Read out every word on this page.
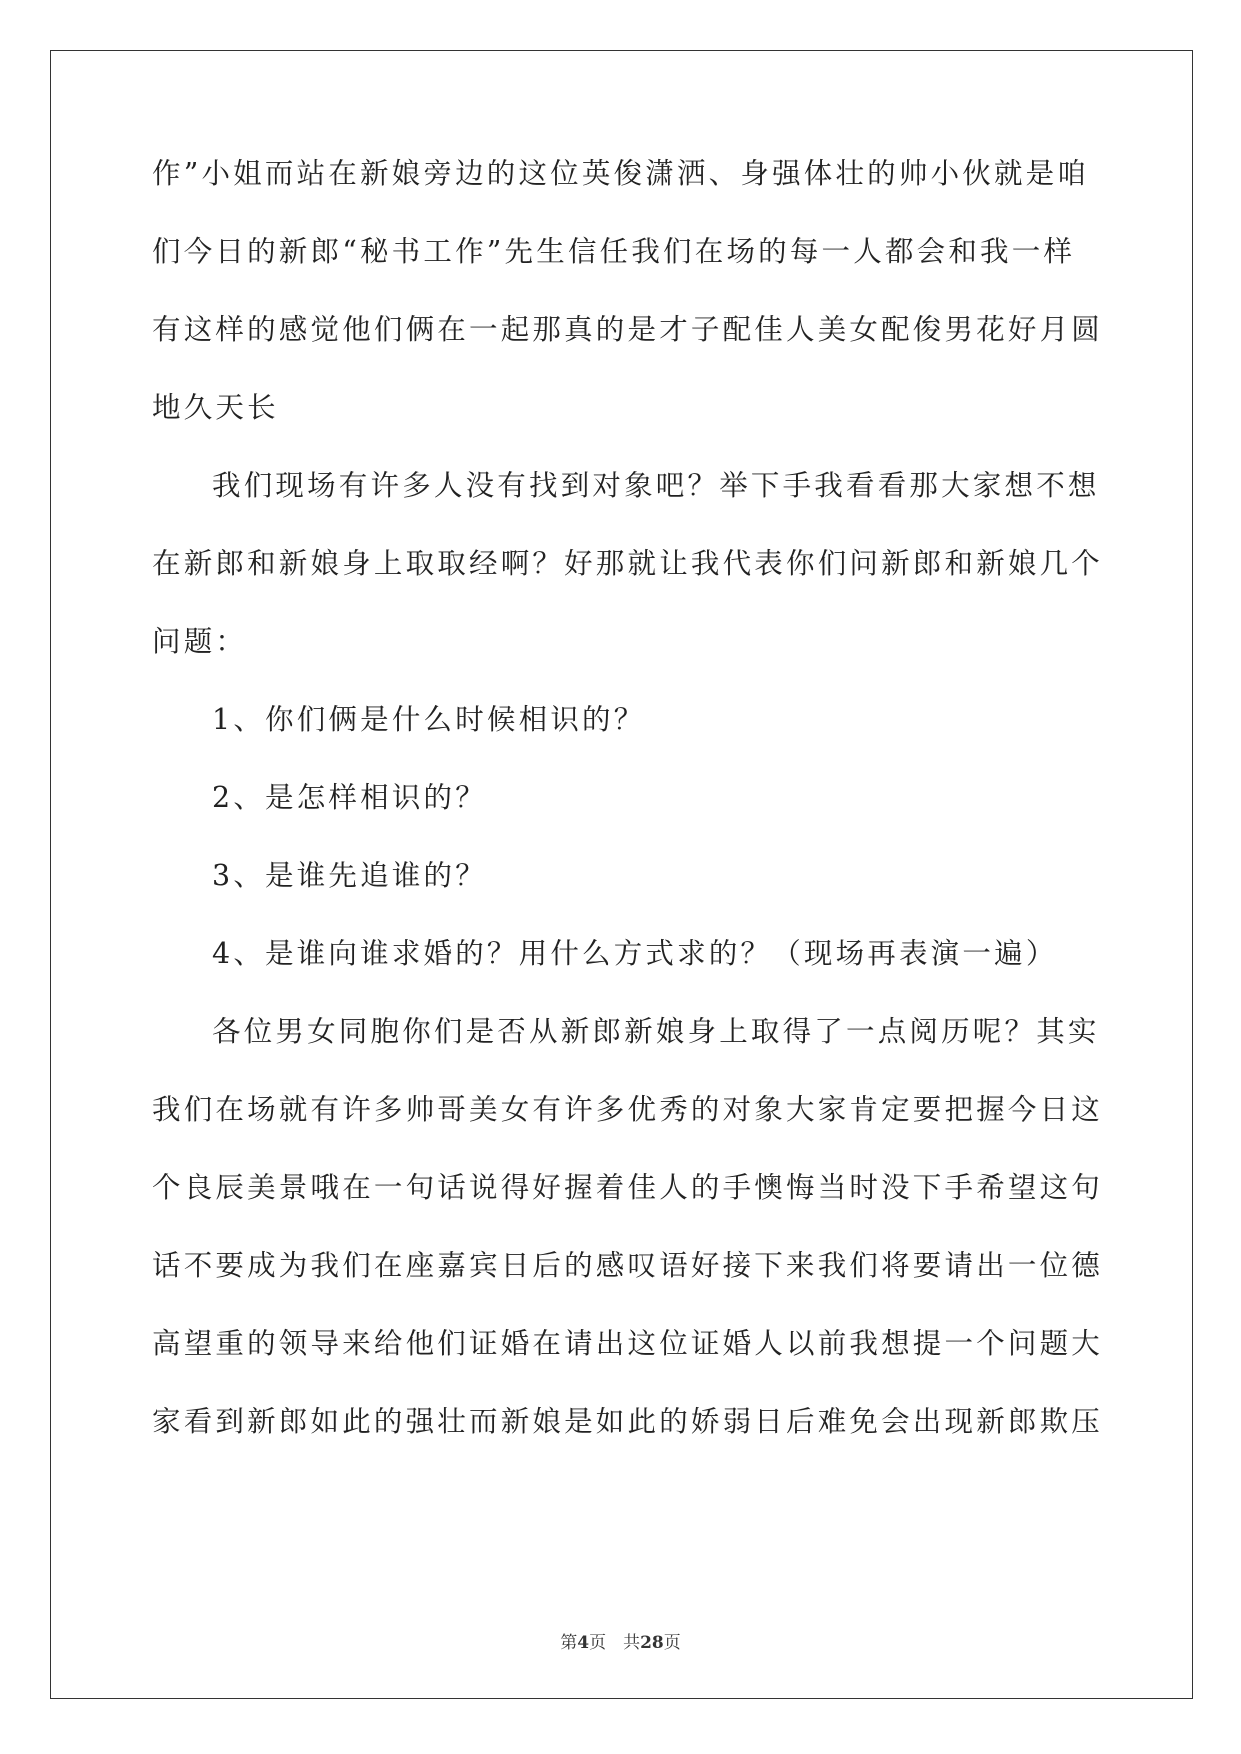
作”小姐而站在新娘旁边的这位英俊潇洒、身强体壮的帅小伙就是咱
们今日的新郎“秘书工作”先生信任我们在场的每一人都会和我一样
有这样的感觉他们俩在一起那真的是才子配佳人美女配俊男花好月圆
地久天长
我们现场有许多人没有找到对象吧？举下手我看看那大家想不想
在新郎和新娘身上取取经啊？好那就让我代表你们问新郎和新娘几个
问题：
1、你们俩是什么时候相识的？
2、是怎样相识的？
3、是谁先追谁的？
4、是谁向谁求婚的？用什么方式求的？（现场再表演一遍）
各位男女同胞你们是否从新郎新娘身上取得了一点阅历呢？其实
我们在场就有许多帅哥美女有许多优秀的对象大家肯定要把握今日这
个良辰美景哦在一句话说得好握着佳人的手懊悔当时没下手希望这句
话不要成为我们在座嘉宾日后的感叹语好接下来我们将要请出一位德
高望重的领导来给他们证婚在请出这位证婚人以前我想提一个问题大
家看到新郎如此的强壮而新娘是如此的娇弱日后难免会出现新郎欺压
第4页　共28页
